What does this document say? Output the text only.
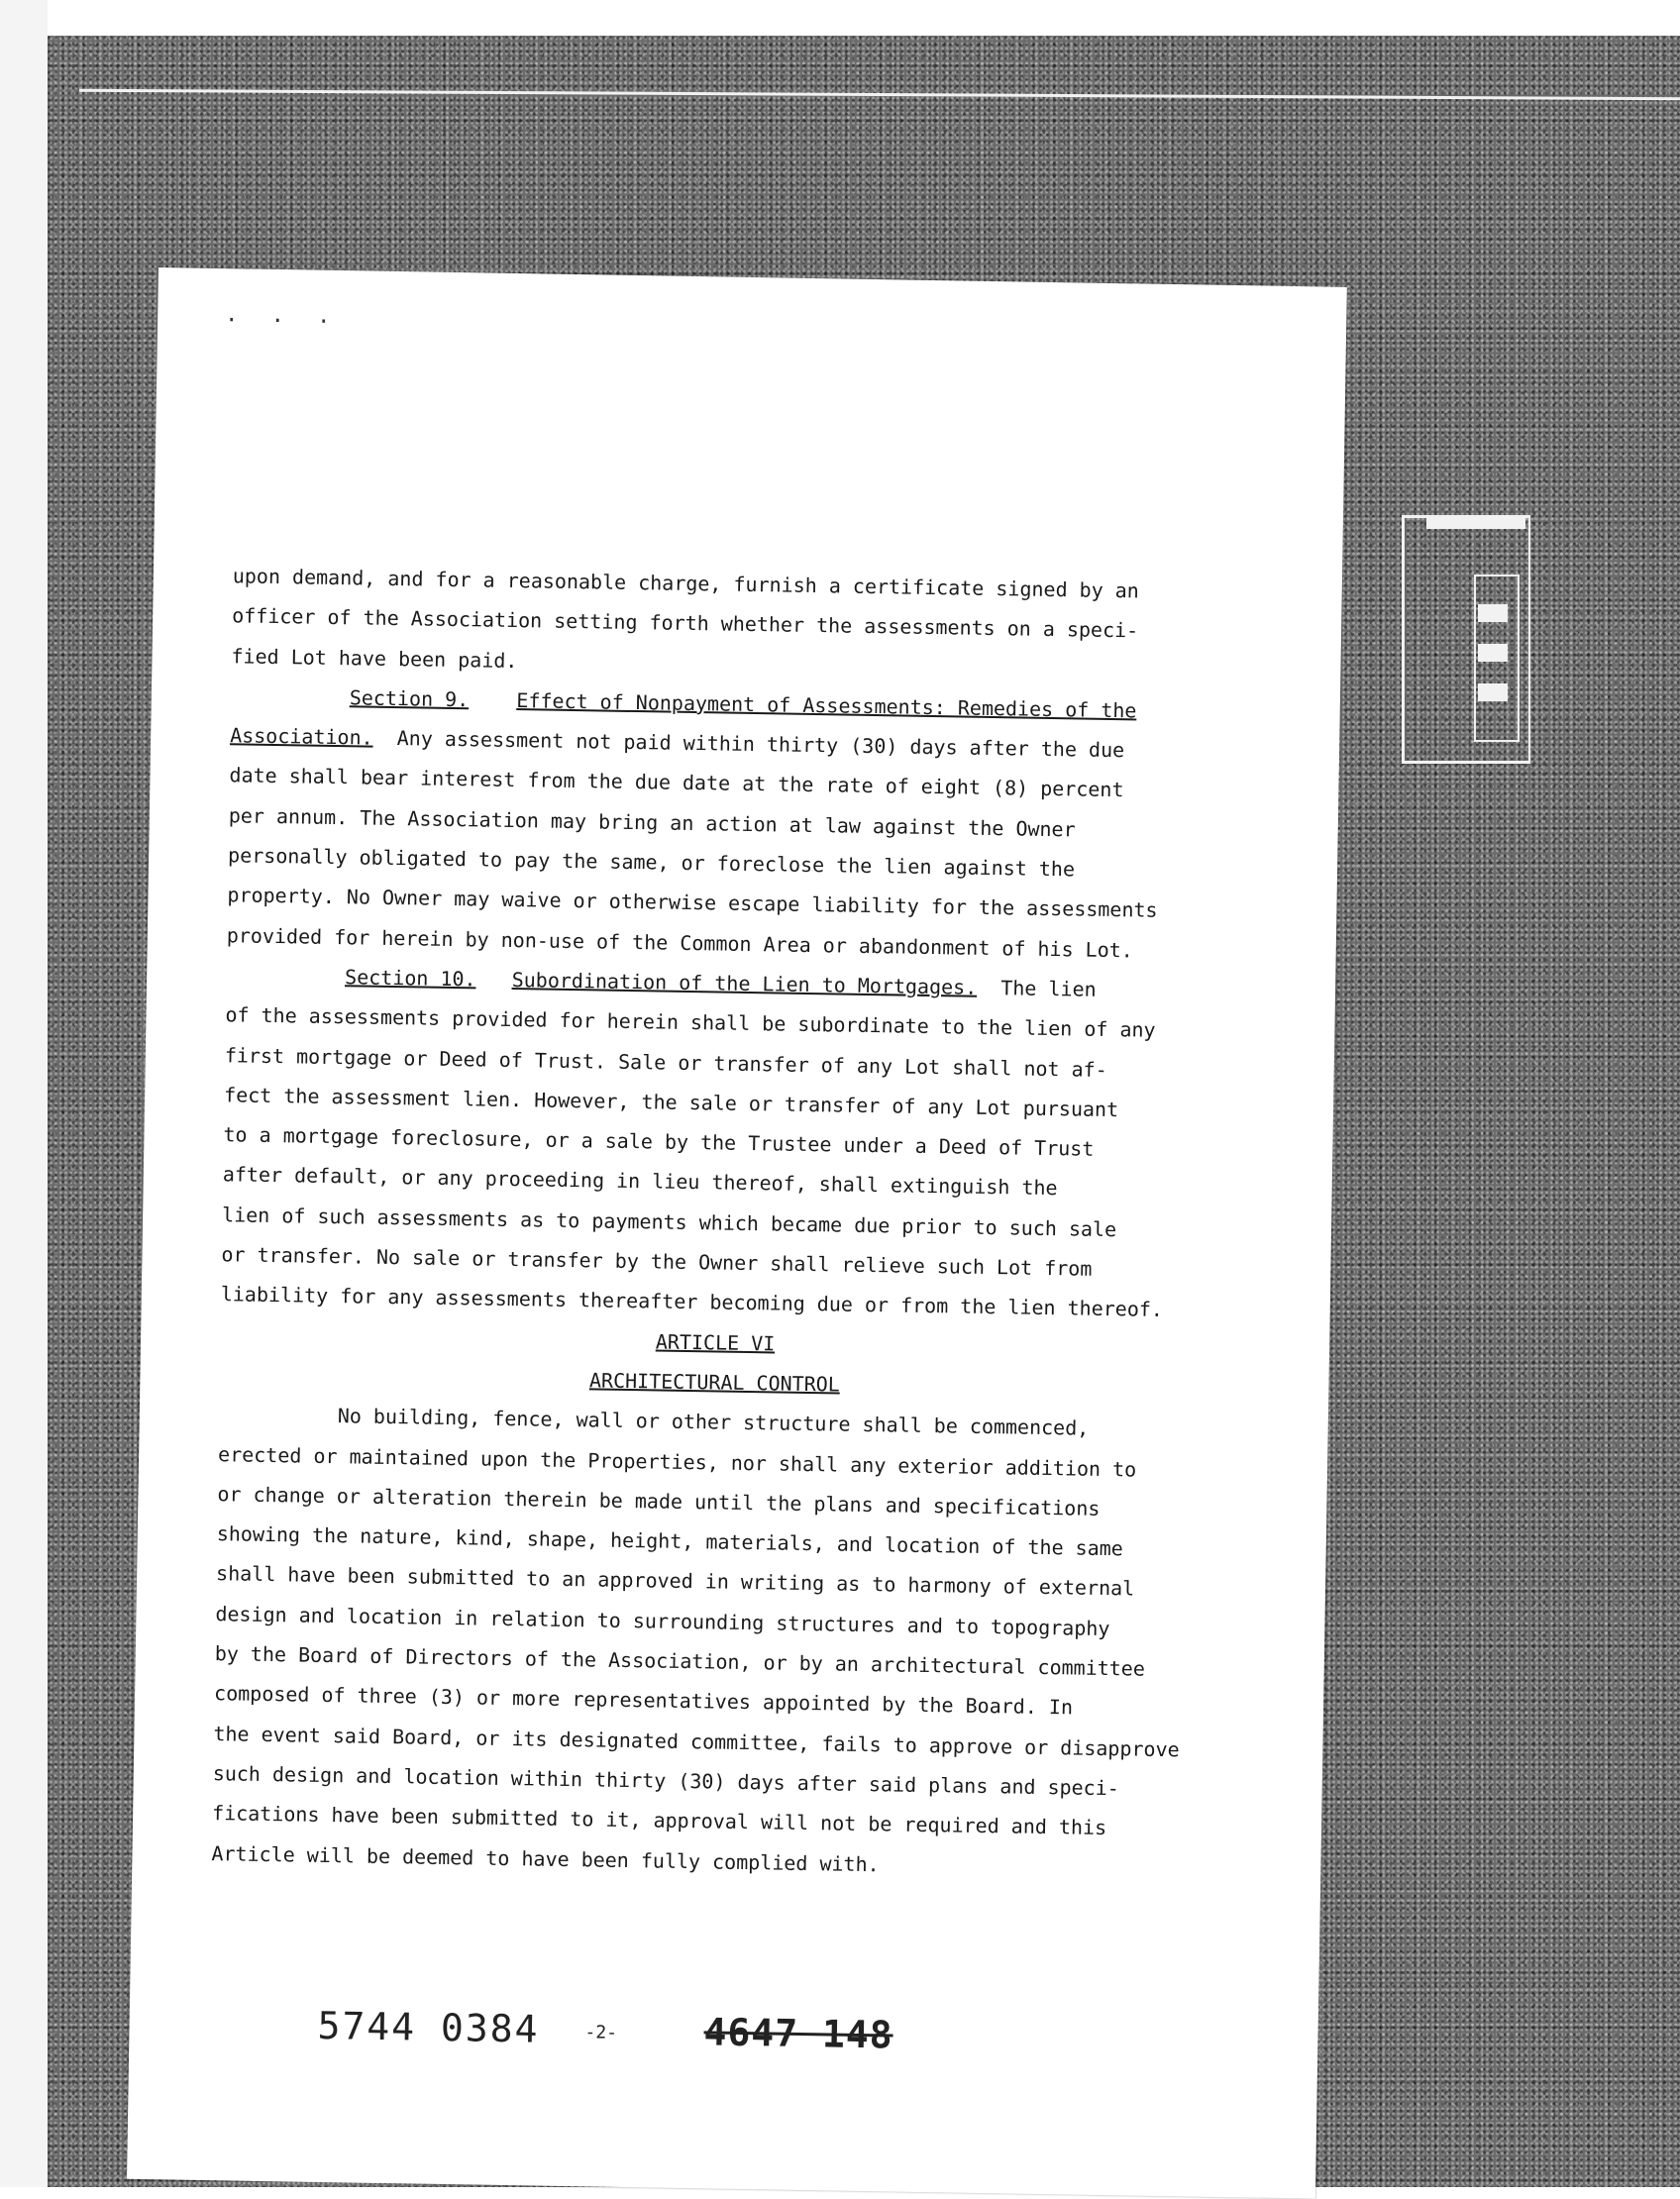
· · ·

upon demand, and for a reasonable charge, furnish a certificate signed by an
officer of the Association setting forth whether the assessments on a speci-
fied Lot have been paid.

Section 9. Effect of Nonpayment of Assessments: Remedies of the
Association. Any assessment not paid within thirty (30) days after the due
date shall bear interest from the due date at the rate of eight (8) percent
per annum. The Association may bring an action at law against the Owner
personally obligated to pay the same, or foreclose the lien against the
property. No Owner may waive or otherwise escape liability for the assessments
provided for herein by non-use of the Common Area or abandonment of his Lot.

Section 10. Subordination of the Lien to Mortgages. The lien
of the assessments provided for herein shall be subordinate to the lien of any
first mortgage or Deed of Trust. Sale or transfer of any Lot shall not af-
fect the assessment lien. However, the sale or transfer of any Lot pursuant
to a mortgage foreclosure, or a sale by the Trustee under a Deed of Trust
after default, or any proceeding in lieu thereof, shall extinguish the
lien of such assessments as to payments which became due prior to such sale
or transfer. No sale or transfer by the Owner shall relieve such Lot from
liability for any assessments thereafter becoming due or from the lien thereof.

ARTICLE VI

ARCHITECTURAL CONTROL

No building, fence, wall or other structure shall be commenced,
erected or maintained upon the Properties, nor shall any exterior addition to
or change or alteration therein be made until the plans and specifications
showing the nature, kind, shape, height, materials, and location of the same
shall have been submitted to an approved in writing as to harmony of external
design and location in relation to surrounding structures and to topography
by the Board of Directors of the Association, or by an architectural committee
composed of three (3) or more representatives appointed by the Board. In
the event said Board, or its designated committee, fails to approve or disapprove
such design and location within thirty (30) days after said plans and speci-
fications have been submitted to it, approval will not be required and this
Article will be deemed to have been fully complied with.

5744 0384	-2- 4647 148
